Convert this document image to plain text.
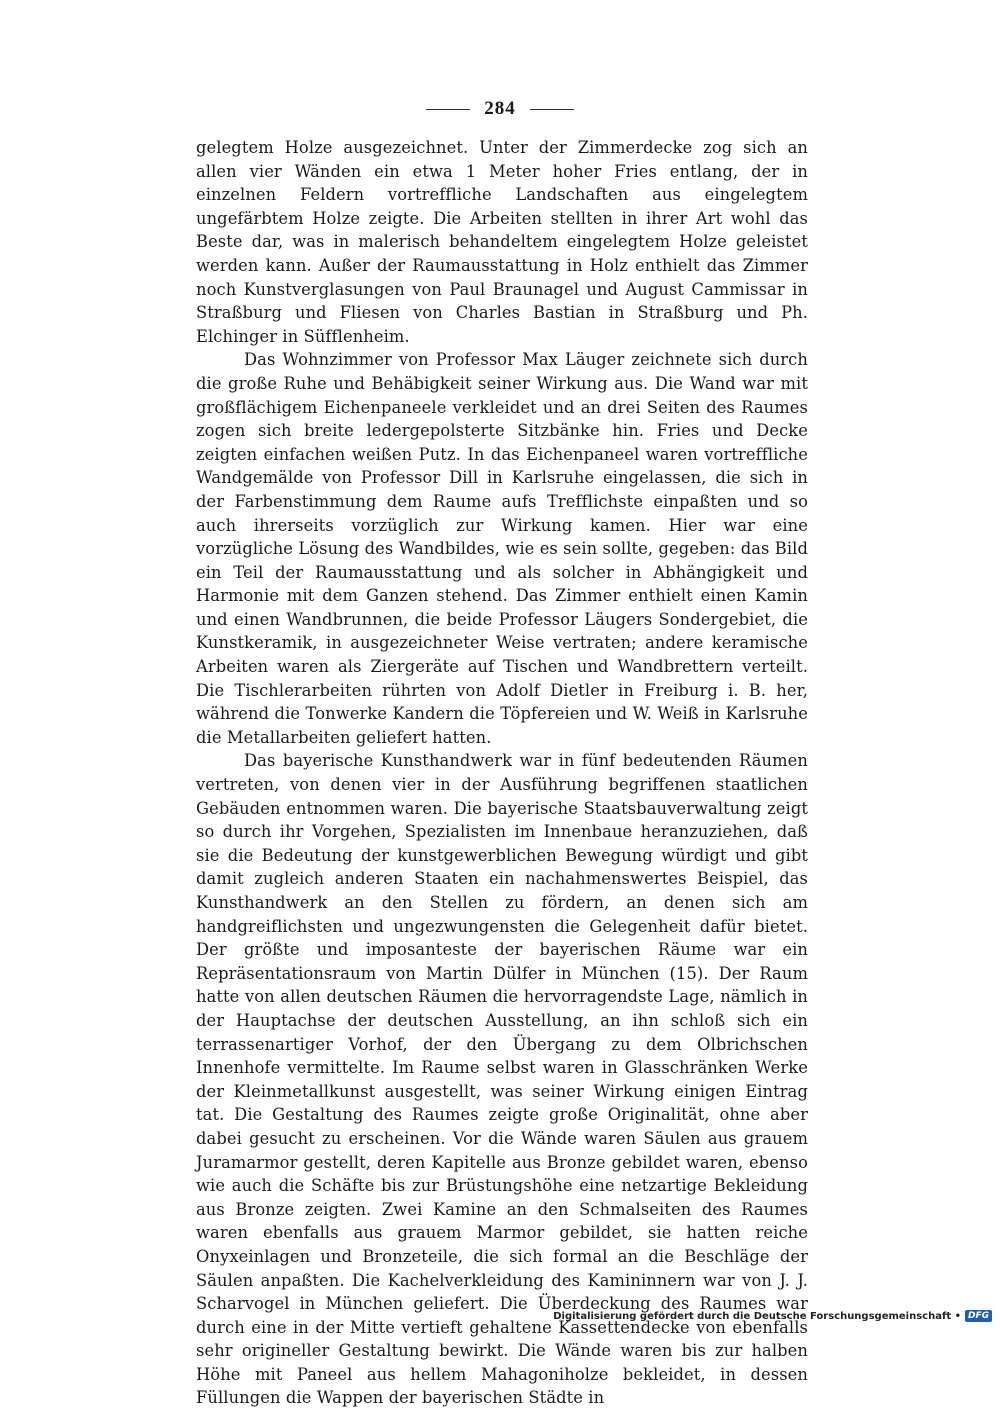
284

gelegtem Holze ausgezeichnet. Unter der Zimmerdecke zog sich an allen vier Wänden ein etwa 1 Meter hoher Fries entlang, der in einzelnen Feldern vortreffliche Landschaften aus eingelegtem ungefärbtem Holze zeigte. Die Arbeiten stellten in ihrer Art wohl das Beste dar, was in malerisch behandeltem eingelegtem Holze geleistet werden kann. Außer der Raumausstattung in Holz enthielt das Zimmer noch Kunstverglasungen von Paul Braunagel und August Cammissar in Straßburg und Fliesen von Charles Bastian in Straßburg und Ph. Elchinger in Süfflenheim.

Das Wohnzimmer von Professor Max Läuger zeichnete sich durch die große Ruhe und Behäbigkeit seiner Wirkung aus. Die Wand war mit großflächigem Eichenpaneele verkleidet und an drei Seiten des Raumes zogen sich breite ledergepolsterte Sitzbänke hin. Fries und Decke zeigten einfachen weißen Putz. In das Eichenpaneel waren vortreffliche Wandgemälde von Professor Dill in Karlsruhe eingelassen, die sich in der Farbenstimmung dem Raume aufs Trefflichste einpaßten und so auch ihrerseits vorzüglich zur Wirkung kamen. Hier war eine vorzügliche Lösung des Wandbildes, wie es sein sollte, gegeben: das Bild ein Teil der Raumausstattung und als solcher in Abhängigkeit und Harmonie mit dem Ganzen stehend. Das Zimmer enthielt einen Kamin und einen Wandbrunnen, die beide Professor Läugers Sondergebiet, die Kunstkeramik, in ausgezeichneter Weise vertraten; andere keramische Arbeiten waren als Ziergeräte auf Tischen und Wandbrettern verteilt. Die Tischlerarbeiten rührten von Adolf Dietler in Freiburg i. B. her, während die Tonwerke Kandern die Töpfereien und W. Weiß in Karlsruhe die Metallarbeiten geliefert hatten.

Das bayerische Kunsthandwerk war in fünf bedeutenden Räumen vertreten, von denen vier in der Ausführung begriffenen staatlichen Gebäuden entnommen waren. Die bayerische Staatsbauverwaltung zeigt so durch ihr Vorgehen, Spezialisten im Innenbaue heranzuziehen, daß sie die Bedeutung der kunstgewerblichen Bewegung würdigt und gibt damit zugleich anderen Staaten ein nachahmenswertes Beispiel, das Kunsthandwerk an den Stellen zu fördern, an denen sich am handgreiflichsten und ungezwungensten die Gelegenheit dafür bietet. Der größte und imposanteste der bayerischen Räume war ein Repräsentationsraum von Martin Dülfer in München (15). Der Raum hatte von allen deutschen Räumen die hervorragendste Lage, nämlich in der Hauptachse der deutschen Ausstellung, an ihn schloß sich ein terrassenartiger Vorhof, der den Übergang zu dem Olbrichschen Innenhofe vermittelte. Im Raume selbst waren in Glasschränken Werke der Kleinmetallkunst ausgestellt, was seiner Wirkung einigen Eintrag tat. Die Gestaltung des Raumes zeigte große Originalität, ohne aber dabei gesucht zu erscheinen. Vor die Wände waren Säulen aus grauem Juramarmor gestellt, deren Kapitelle aus Bronze gebildet waren, ebenso wie auch die Schäfte bis zur Brüstungshöhe eine netzartige Bekleidung aus Bronze zeigten. Zwei Kamine an den Schmalseiten des Raumes waren ebenfalls aus grauem Marmor gebildet, sie hatten reiche Onyxeinlagen und Bronzeteile, die sich formal an die Beschläge der Säulen anpaßten. Die Kachelverkleidung des Kamininnern war von J. J. Scharvogel in München geliefert. Die Überdeckung des Raumes war durch eine in der Mitte vertieft gehaltene Kassettendecke von ebenfalls sehr origineller Gestaltung bewirkt. Die Wände waren bis zur halben Höhe mit Paneel aus hellem Mahagoniholze bekleidet, in dessen Füllungen die Wappen der bayerischen Städte in

Digitalisierung gefördert durch die Deutsche Forschungsgemeinschaft • DFG
